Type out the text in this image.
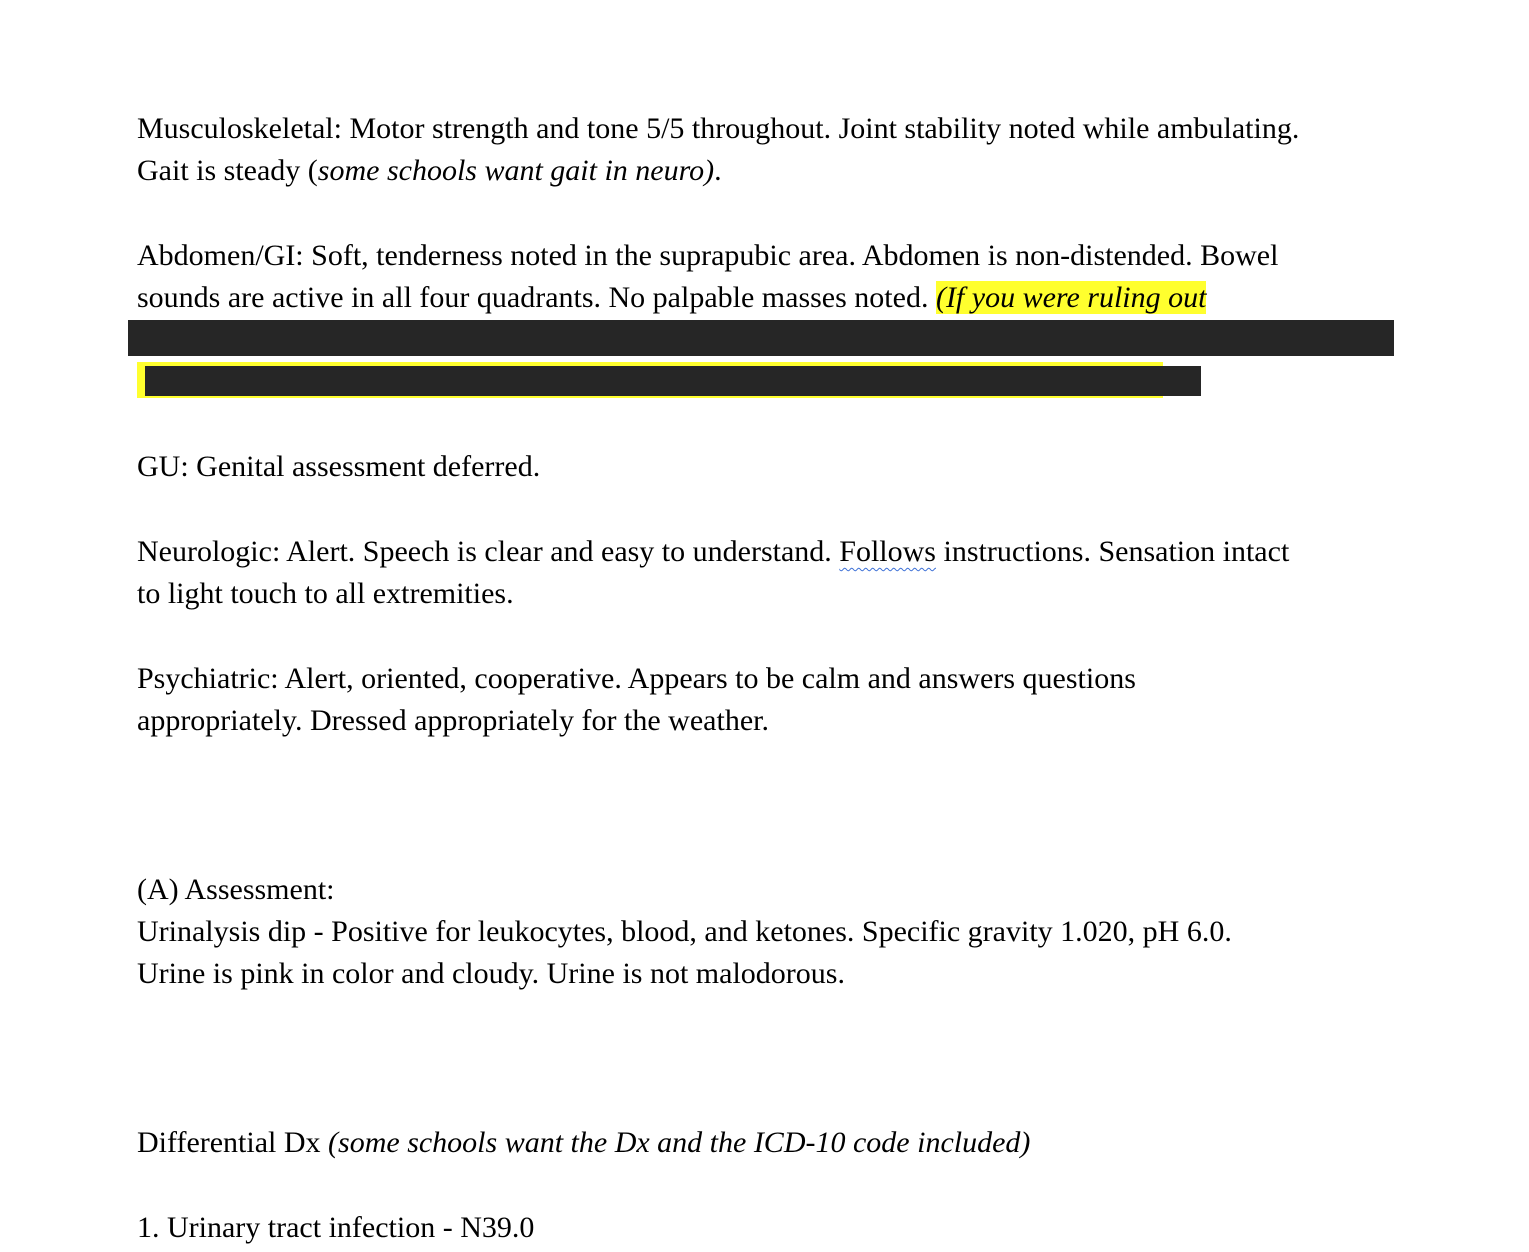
Musculoskeletal: Motor strength and tone 5/5 throughout. Joint stability noted while ambulating.
Gait is steady (some schools want gait in neuro).

Abdomen/GI: Soft, tenderness noted in the suprapubic area. Abdomen is non-distended. Bowel
sounds are active in all four quadrants. No palpable masses noted. (If you were ruling out

GU: Genital assessment deferred.

Neurologic: Alert. Speech is clear and easy to understand. Follows instructions. Sensation intact
to light touch to all extremities.

Psychiatric: Alert, oriented, cooperative. Appears to be calm and answers questions
appropriately. Dressed appropriately for the weather.

(A) Assessment:
Urinalysis dip - Positive for leukocytes, blood, and ketones. Specific gravity 1.020, pH 6.0.
Urine is pink in color and cloudy. Urine is not malodorous.

Differential Dx (some schools want the Dx and the ICD-10 code included)

1. Urinary tract infection - N39.0
